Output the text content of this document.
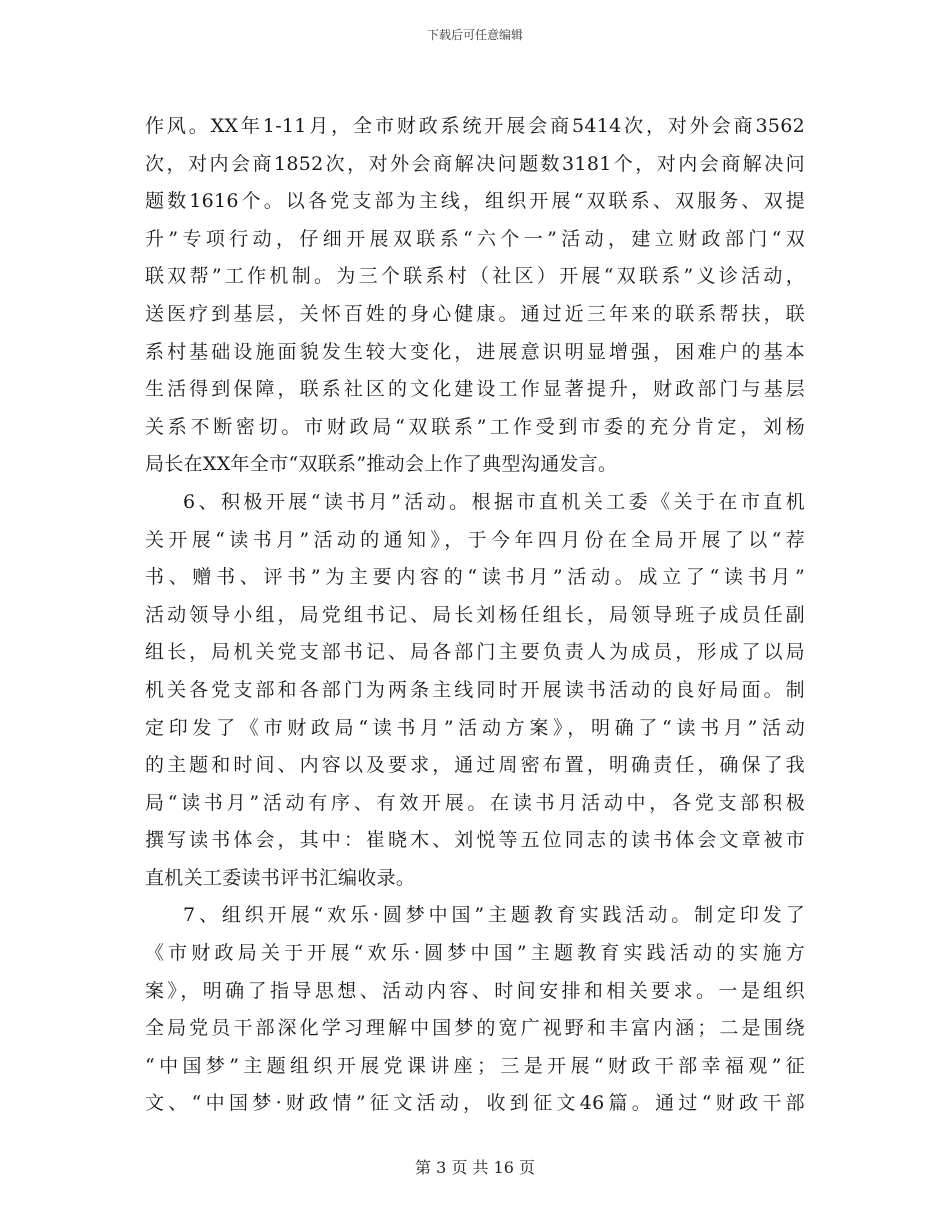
下载后可任意编辑
作风。XX年1-11月，全市财政系统开展会商5414次，对外会商3562
次，对内会商1852次，对外会商解决问题数3181个，对内会商解决问
题数1616个。以各党支部为主线，组织开展“双联系、双服务、双提
升”专项行动，仔细开展双联系“六个一”活动，建立财政部门“双
联双帮”工作机制。为三个联系村（社区）开展“双联系”义诊活动，
送医疗到基层，关怀百姓的身心健康。通过近三年来的联系帮扶，联
系村基础设施面貌发生较大变化，进展意识明显增强，困难户的基本
生活得到保障，联系社区的文化建设工作显著提升，财政部门与基层
关系不断密切。市财政局“双联系”工作受到市委的充分肯定，刘杨
局长在XX年全市“双联系”推动会上作了典型沟通发言。
6、积极开展“读书月”活动。根据市直机关工委《关于在市直机
关开展“读书月”活动的通知》，于今年四月份在全局开展了以“荐
书、赠书、评书”为主要内容的“读书月”活动。成立了“读书月”
活动领导小组，局党组书记、局长刘杨任组长，局领导班子成员任副
组长，局机关党支部书记、局各部门主要负责人为成员，形成了以局
机关各党支部和各部门为两条主线同时开展读书活动的良好局面。制
定印发了《市财政局“读书月”活动方案》，明确了“读书月”活动
的主题和时间、内容以及要求，通过周密布置，明确责任，确保了我
局“读书月”活动有序、有效开展。在读书月活动中，各党支部积极
撰写读书体会，其中：崔晓木、刘悦等五位同志的读书体会文章被市
直机关工委读书评书汇编收录。
7、组织开展“欢乐·圆梦中国”主题教育实践活动。制定印发了
《市财政局关于开展“欢乐·圆梦中国”主题教育实践活动的实施方
案》，明确了指导思想、活动内容、时间安排和相关要求。一是组织
全局党员干部深化学习理解中国梦的宽广视野和丰富内涵；二是围绕
“中国梦”主题组织开展党课讲座；三是开展“财政干部幸福观”征
文、“中国梦·财政情”征文活动，收到征文46篇。通过“财政干部
第 3 页 共 16 页
